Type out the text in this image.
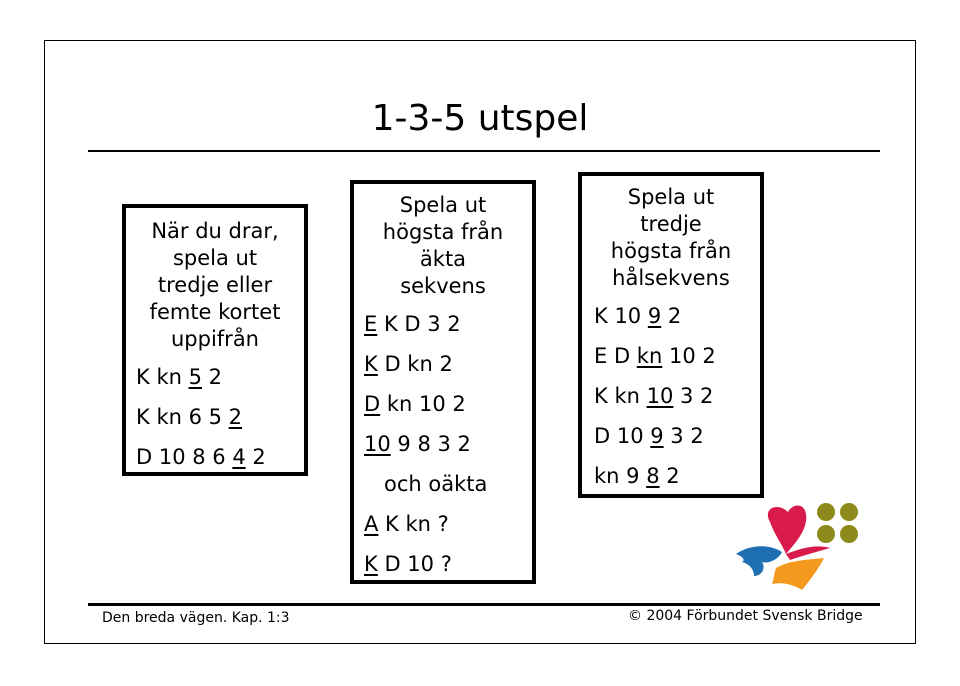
1-3-5 utspel
När du drar,
spela ut
tredje eller
femte kortet
uppifrån
K kn 5 2
K kn 6 5 2
D 10 8 6 4 2
Spela ut
högsta från
äkta
sekvens
E K D 3 2
K D kn 2
D kn 10 2
10 9 8 3 2
och oäkta
A K kn ?
K D 10 ?
Spela ut
tredje
högsta från
hålsekvens
K 10 9 2
E D kn 10 2
K kn 10 3 2
D 10 9 3 2
kn 9 8 2
Den breda vägen. Kap. 1:3	© 2004 Förbundet Svensk Bridge
